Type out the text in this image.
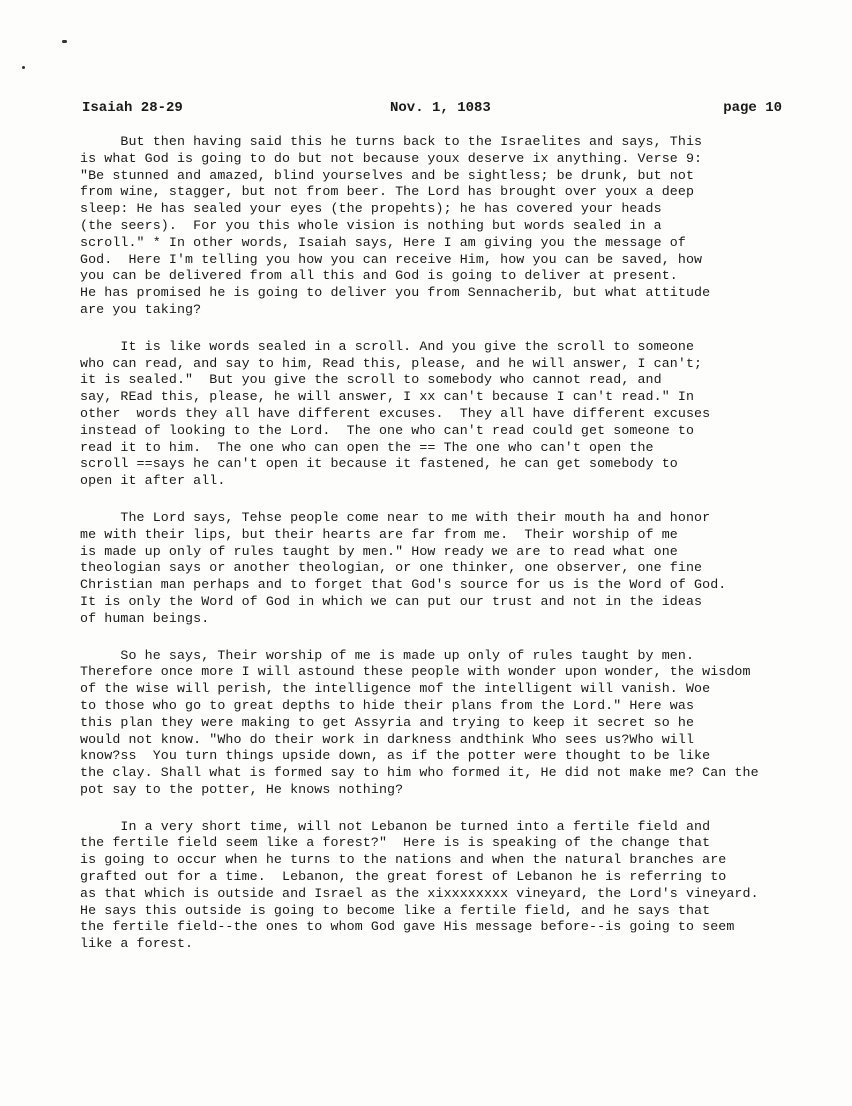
Isaiah 28-29	Nov. 1, 1083	page 10
But then having said this he turns back to the Israelites and says, This
is what God is going to do but not because youx deserve ix anything. Verse 9:
"Be stunned and amazed, blind yourselves and be sightless; be drunk, but not
from wine, stagger, but not from beer. The Lord has brought over youx a deep
sleep: He has sealed your eyes (the propehts); he has covered your heads
(the seers).  For you this whole vision is nothing but words sealed in a
scroll." * In other words, Isaiah says, Here I am giving you the message of
God.  Here I'm telling you how you can receive Him, how you can be saved, how
you can be delivered from all this and God is going to deliver at present.
He has promised he is going to deliver you from Sennacherib, but what attitude
are you taking?
It is like words sealed in a scroll. And you give the scroll to someone
who can read, and say to him, Read this, please, and he will answer, I can't;
it is sealed."  But you give the scroll to somebody who cannot read, and
say, REad this, please, he will answer, I xx can't because I can't read." In
other  words they all have different excuses.  They all have different excuses
instead of looking to the Lord.  The one who can't read could get someone to
read it to him.  The one who can open the == The one who can't open the
scroll ==says he can't open it because it fastened, he can get somebody to
open it after all.
The Lord says, Tehse people come near to me with their mouth ha and honor
me with their lips, but their hearts are far from me.  Their worship of me
is made up only of rules taught by men." How ready we are to read what one
theologian says or another theologian, or one thinker, one observer, one fine
Christian man perhaps and to forget that God's source for us is the Word of God.
It is only the Word of God in which we can put our trust and not in the ideas
of human beings.
So he says, Their worship of me is made up only of rules taught by men.
Therefore once more I will astound these people with wonder upon wonder, the wisdom
of the wise will perish, the intelligence mof the intelligent will vanish. Woe
to those who go to great depths to hide their plans from the Lord." Here was
this plan they were making to get Assyria and trying to keep it secret so he
would not know. "Who do their work in darkness andthink Who sees us?Who will
know?ss  You turn things upside down, as if the potter were thought to be like
the clay. Shall what is formed say to him who formed it, He did not make me? Can the
pot say to the potter, He knows nothing?
In a very short time, will not Lebanon be turned into a fertile field and
the fertile field seem like a forest?"  Here is is speaking of the change that
is going to occur when he turns to the nations and when the natural branches are
grafted out for a time.  Lebanon, the great forest of Lebanon he is referring to
as that which is outside and Israel as the xixxxxxxxx vineyard, the Lord's vineyard.
He says this outside is going to become like a fertile field, and he says that
the fertile field--the ones to whom God gave His message before--is going to seem
like a forest.
